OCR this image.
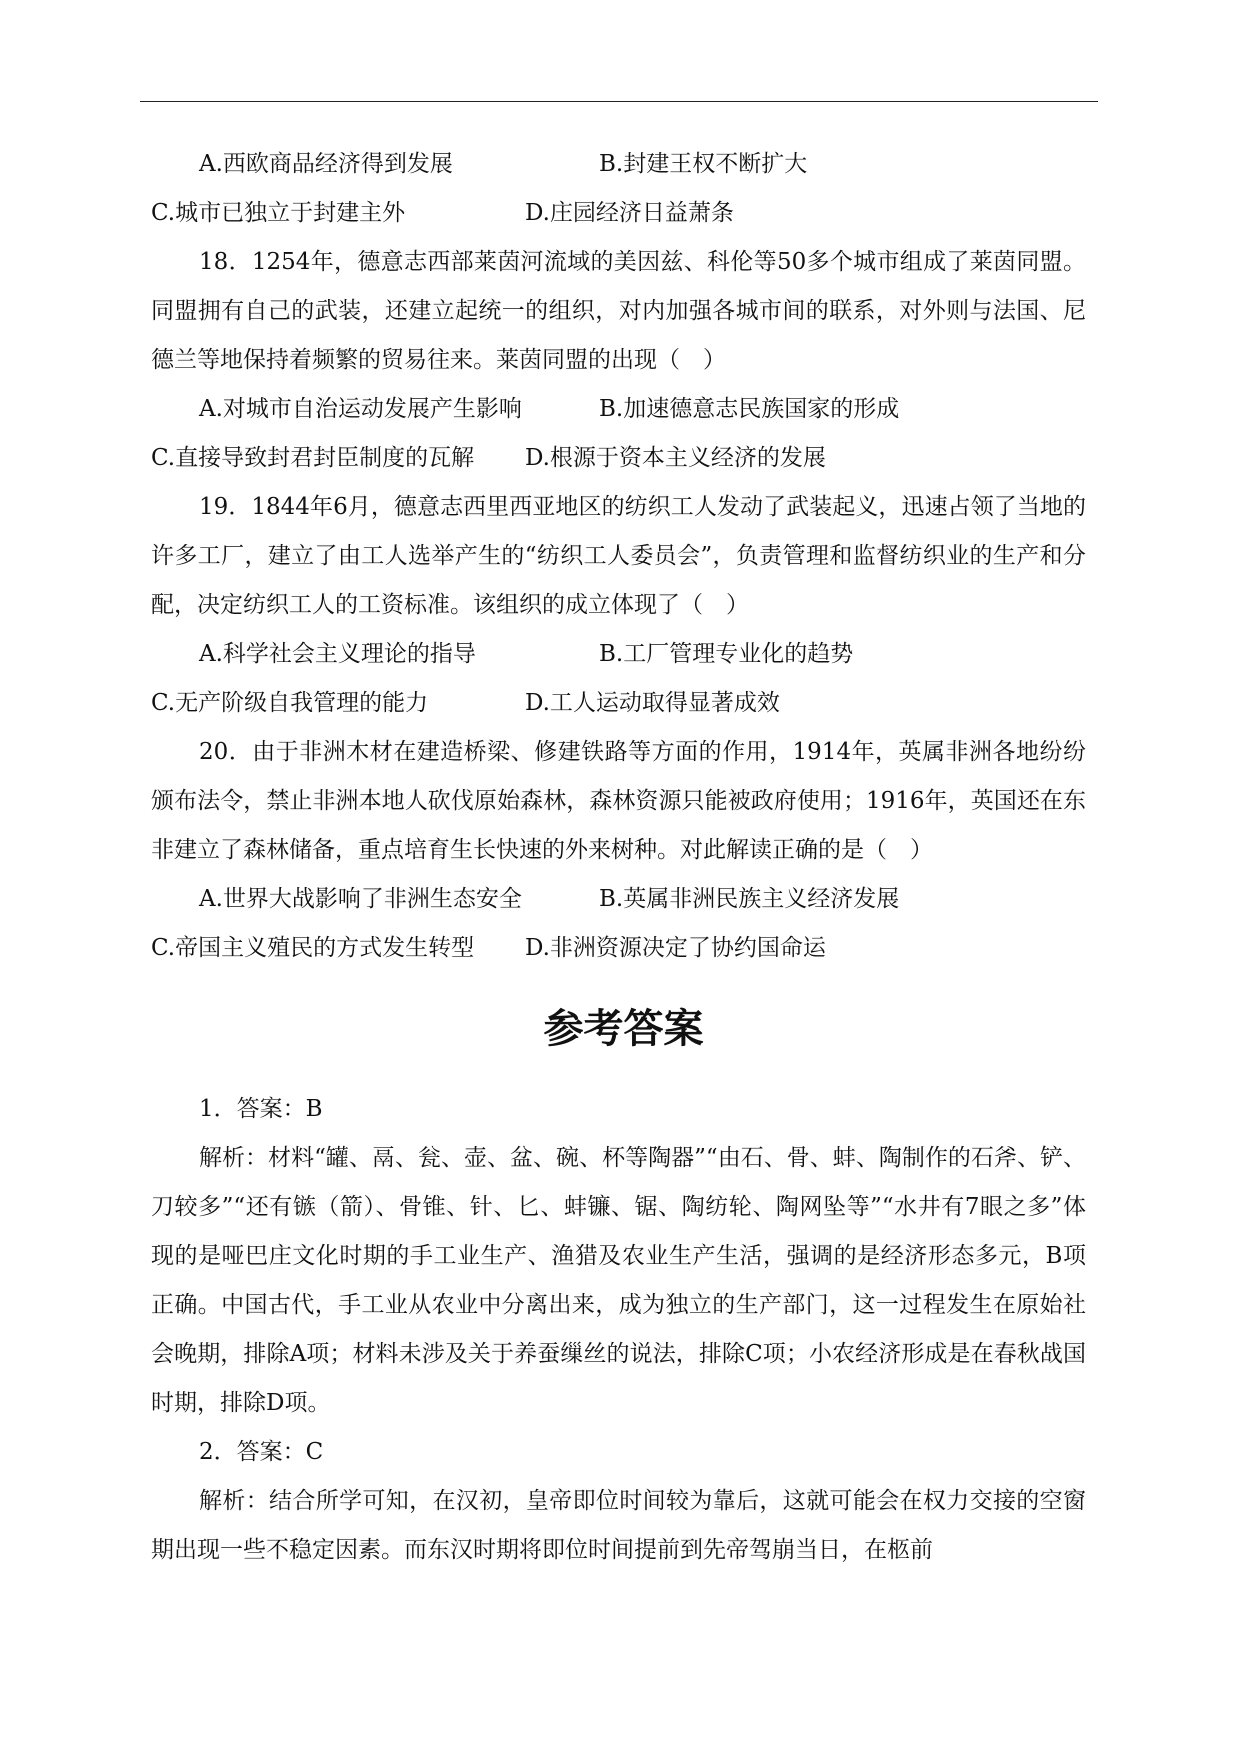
A.西欧商品经济得到发展	B.封建王权不断扩大
C.城市已独立于封建主外	D.庄园经济日益萧条

18．1254年，德意志西部莱茵河流域的美因兹、科伦等50多个城市组成了莱茵同盟。同盟拥有自己的武装，还建立起统一的组织，对内加强各城市间的联系，对外则与法国、尼德兰等地保持着频繁的贸易往来。莱茵同盟的出现（　）

A.对城市自治运动发展产生影响	B.加速德意志民族国家的形成
C.直接导致封君封臣制度的瓦解 D.根源于资本主义经济的发展

19．1844年6月，德意志西里西亚地区的纺织工人发动了武装起义，迅速占领了当地的许多工厂，建立了由工人选举产生的“纺织工人委员会”，负责管理和监督纺织业的生产和分配，决定纺织工人的工资标准。该组织的成立体现了（　）

A.科学社会主义理论的指导	B.工厂管理专业化的趋势
C.无产阶级自我管理的能力	D.工人运动取得显著成效

20．由于非洲木材在建造桥梁、修建铁路等方面的作用，1914年，英属非洲各地纷纷颁布法令，禁止非洲本地人砍伐原始森林，森林资源只能被政府使用；1916年，英国还在东非建立了森林储备，重点培育生长快速的外来树种。对此解读正确的是（　）

A.世界大战影响了非洲生态安全	B.英属非洲民族主义经济发展
C.帝国主义殖民的方式发生转型 D.非洲资源决定了协约国命运
参考答案

1．答案：B

解析：材料“罐、鬲、瓮、壶、盆、碗、杯等陶器”“由石、骨、蚌、陶制作的石斧、铲、刀较多”“还有镞（箭）、骨锥、针、匕、蚌镰、锯、陶纺轮、陶网坠等”“水井有7眼之多”体现的是哑巴庄文化时期的手工业生产、渔猎及农业生产生活，强调的是经济形态多元，B项正确。中国古代，手工业从农业中分离出来，成为独立的生产部门，这一过程发生在原始社会晚期，排除A项；材料未涉及关于养蚕缫丝的说法，排除C项；小农经济形成是在春秋战国时期，排除D项。

2．答案：C

解析：结合所学可知，在汉初，皇帝即位时间较为靠后，这就可能会在权力交接的空窗期出现一些不稳定因素。而东汉时期将即位时间提前到先帝驾崩当日，在柩前
